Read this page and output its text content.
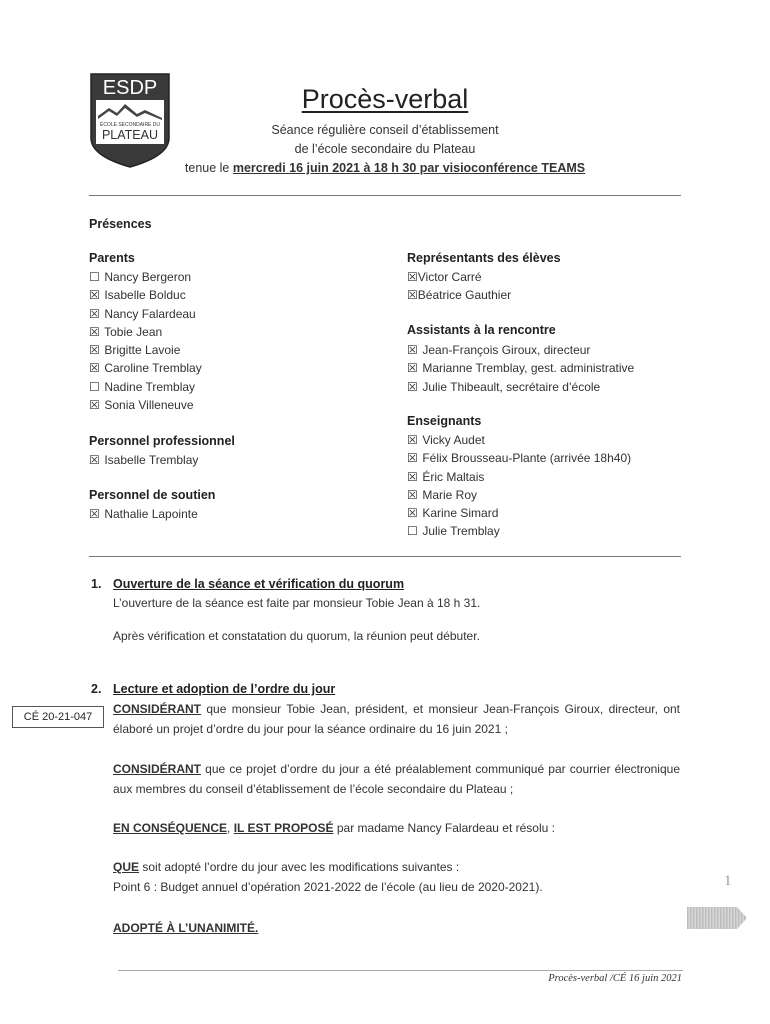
ESDP
ÉCOLE SECONDAIRE DU
PLATEAU
Procès-verbal
Séance régulière conseil d’établissement
de l’école secondaire du Plateau
tenue le mercredi 16 juin 2021 à 18 h 30 par visioconférence TEAMS
Présences
Parents
☐ Nancy Bergeron
☒ Isabelle Bolduc
☒ Nancy Falardeau
☒ Tobie Jean
☒ Brigitte Lavoie
☒ Caroline Tremblay
☐ Nadine Tremblay
☒ Sonia Villeneuve
Personnel professionnel
☒ Isabelle Tremblay
Personnel de soutien
☒ Nathalie Lapointe
Représentants des élèves
☒Victor Carré
☒Béatrice Gauthier
Assistants à la rencontre
☒ Jean-François Giroux, directeur
☒ Marianne Tremblay, gest. administrative
☒ Julie Thibeault, secrétaire d’école
Enseignants
☒ Vicky Audet
☒ Félix Brousseau-Plante (arrivée 18h40)
☒ Éric Maltais
☒ Marie Roy
☒ Karine Simard
☐ Julie Tremblay
1. Ouverture de la séance et vérification du quorum
L’ouverture de la séance est faite par monsieur Tobie Jean à 18 h 31.
Après vérification et constatation du quorum, la réunion peut débuter.
2. Lecture et adoption de l’ordre du jour
CÉ 20-21-047
CONSIDÉRANT que monsieur Tobie Jean, président, et monsieur Jean-François Giroux, directeur, ont élaboré un projet d’ordre du jour pour la séance ordinaire du 16 juin 2021 ;
CONSIDÉRANT que ce projet d’ordre du jour a été préalablement communiqué par courrier électronique aux membres du conseil d’établissement de l’école secondaire du Plateau ;
EN CONSÉQUENCE, IL EST PROPOSÉ par madame Nancy Falardeau et résolu :
QUE soit adopté l’ordre du jour avec les modifications suivantes :
Point 6 : Budget annuel d’opération 2021-2022 de l’école (au lieu de 2020-2021).
ADOPTÉ À L’UNANIMITÉ.
1
Procès-verbal /CÉ 16 juin 2021
